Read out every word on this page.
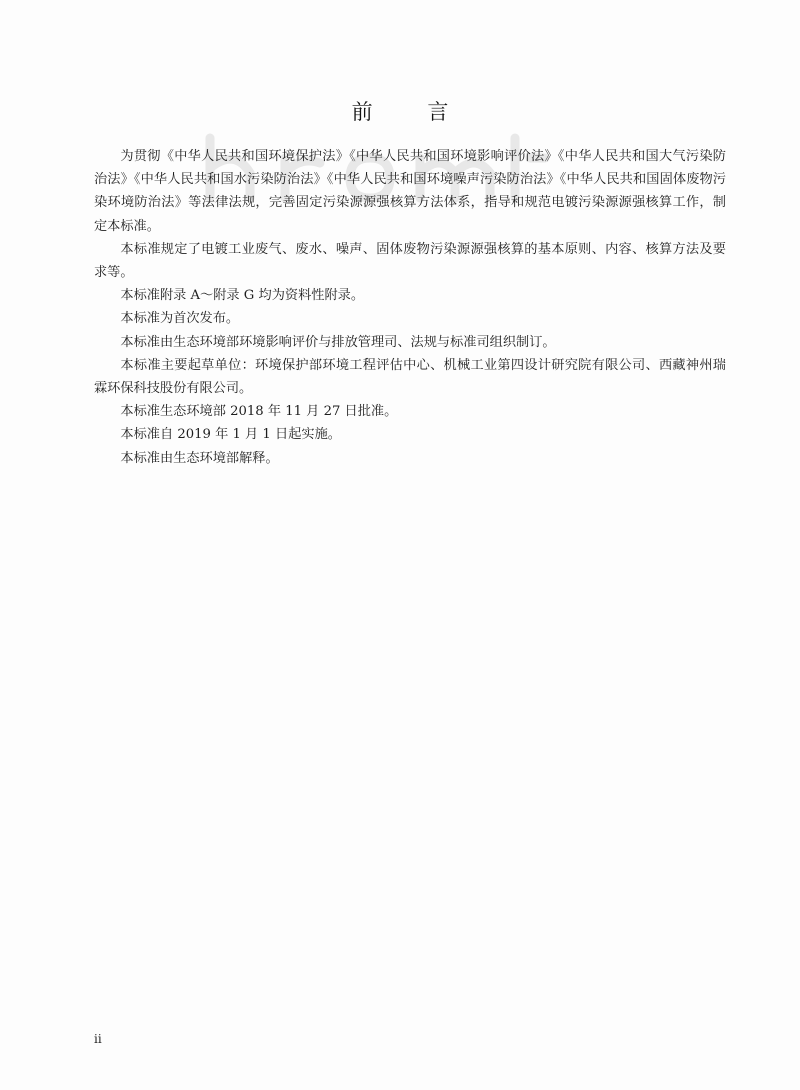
前 言

为贯彻《中华人民共和国环境保护法》《中华人民共和国环境影响评价法》《中华人民共和国大气污染防治法》《中华人民共和国水污染防治法》《中华人民共和国环境噪声污染防治法》《中华人民共和国固体废物污染环境防治法》等法律法规，完善固定污染源源强核算方法体系，指导和规范电镀污染源源强核算工作，制定本标准。

本标准规定了电镀工业废气、废水、噪声、固体废物污染源源强核算的基本原则、内容、核算方法及要求等。

本标准附录 A～附录 G 均为资料性附录。

本标准为首次发布。

本标准由生态环境部环境影响评价与排放管理司、法规与标准司组织制订。

本标准主要起草单位：环境保护部环境工程评估中心、机械工业第四设计研究院有限公司、西藏神州瑞霖环保科技股份有限公司。

本标准生态环境部 2018 年 11 月 27 日批准。

本标准自 2019 年 1 月 1 日起实施。

本标准由生态环境部解释。

ii
